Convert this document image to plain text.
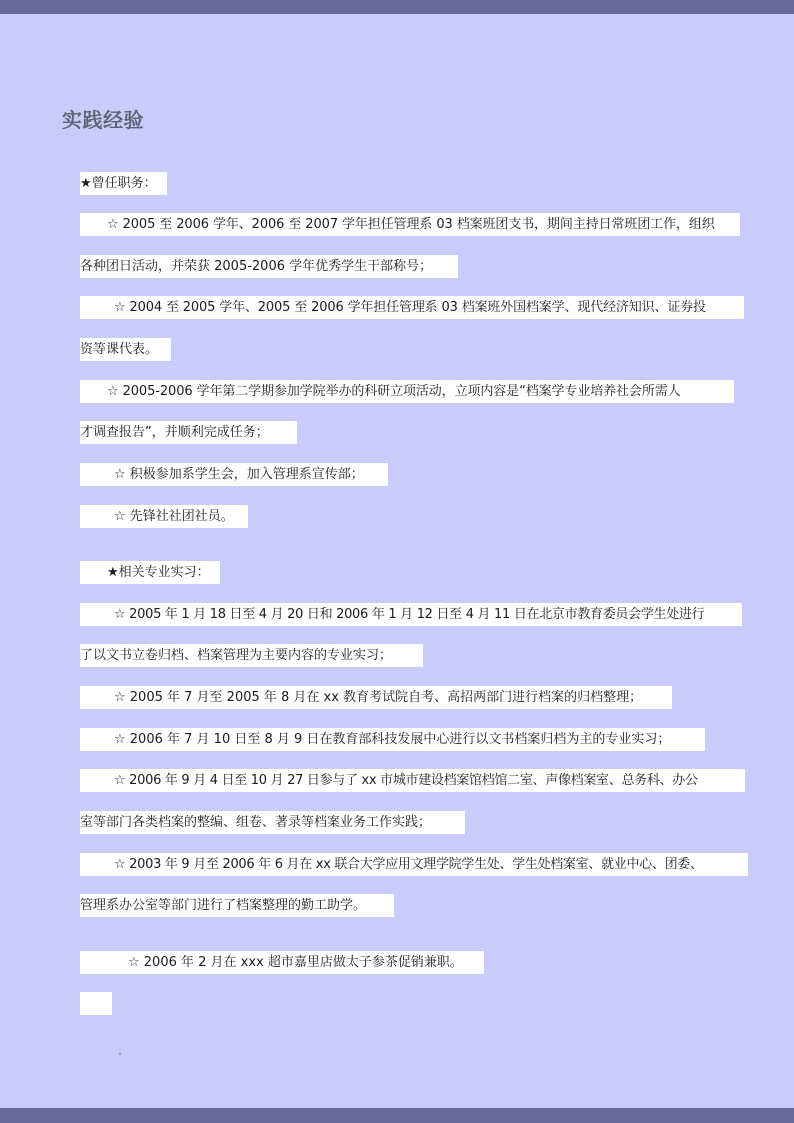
实践经验
★曾任职务：
☆ 2005 至 2006 学年、2006 至 2007 学年担任管理系 03 档案班团支书，期间主持日常班团工作，组织
各种团日活动，并荣获 2005-2006 学年优秀学生干部称号；
☆ 2004 至 2005 学年、2005 至 2006 学年担任管理系 03 档案班外国档案学、现代经济知识、证券投
资等课代表。
☆ 2005-2006 学年第二学期参加学院举办的科研立项活动，立项内容是“档案学专业培养社会所需人
才调查报告”，并顺利完成任务；
☆ 积极参加系学生会，加入管理系宣传部；
☆ 先锋社社团社员。
★相关专业实习：
☆ 2005 年 1 月 18 日至 4 月 20 日和 2006 年 1 月 12 日至 4 月 11 日在北京市教育委员会学生处进行
了以文书立卷归档、档案管理为主要内容的专业实习；
☆ 2005 年 7 月至 2005 年 8 月在 xx 教育考试院自考、高招两部门进行档案的归档整理；
☆ 2006 年 7 月 10 日至 8 月 9 日在教育部科技发展中心进行以文书档案归档为主的专业实习；
☆ 2006 年 9 月 4 日至 10 月 27 日参与了 xx 市城市建设档案馆档馆二室、声像档案室、总务科、办公
室等部门各类档案的整编、组卷、著录等档案业务工作实践；
☆ 2003 年 9 月至 2006 年 6 月在 xx 联合大学应用文理学院学生处、学生处档案室、就业中心、团委、
管理系办公室等部门进行了档案整理的勤工助学。
☆ 2006 年 2 月在 xxx 超市嘉里店做太子参茶促销兼职。
